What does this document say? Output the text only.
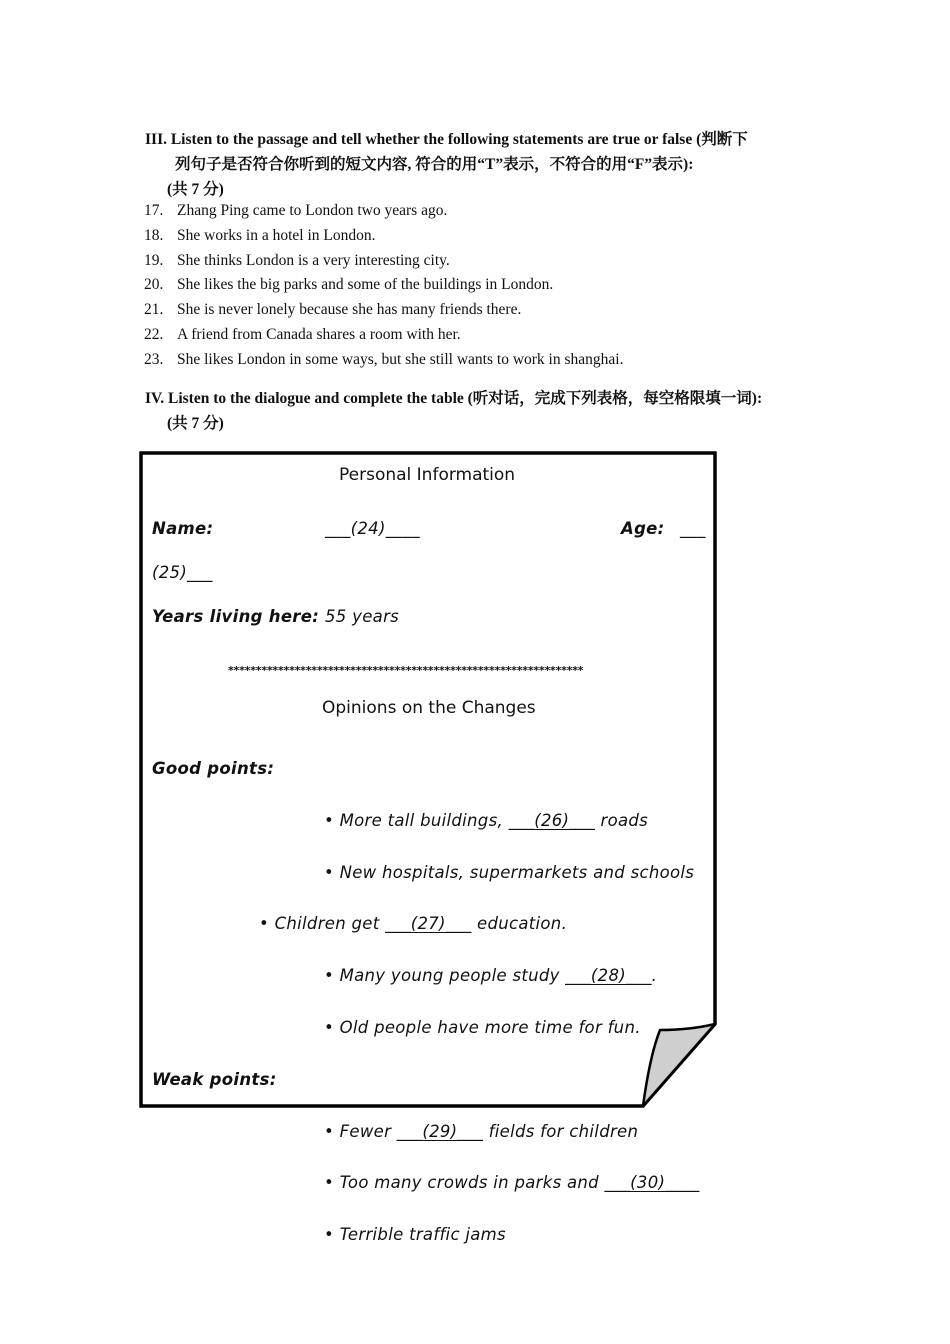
III. Listen to the passage and tell whether the following statements are true or false (判断下
列句子是否符合你听到的短文内容, 符合的用“T”表示，不符合的用“F”表示):
(共 7 分)
17. Zhang Ping came to London two years ago.
18. She works in a hotel in London.
19. She thinks London is a very interesting city.
20. She likes the big parks and some of the buildings in London.
21. She is never lonely because she has many friends there.
22. A friend from Canada shares a room with her.
23. She likes London in some ways, but she still wants to work in shanghai.
IV. Listen to the dialogue and complete the table (听对话，完成下列表格，每空格限填一词):
(共 7 分)
Personal Information
Name:	___(24)____	Age: ___
(25)___
Years living here: 55 years
****************************************************************
Opinions on the Changes
Good points:
• More tall buildings, ___(26)___ roads
• New hospitals, supermarkets and schools
• Children get ___(27)___ education.
• Many young people study ___(28)___.
• Old people have more time for fun.
Weak points:
• Fewer ___(29)___ fields for children
• Too many crowds in parks and ___(30)____
• Terrible traffic jams
